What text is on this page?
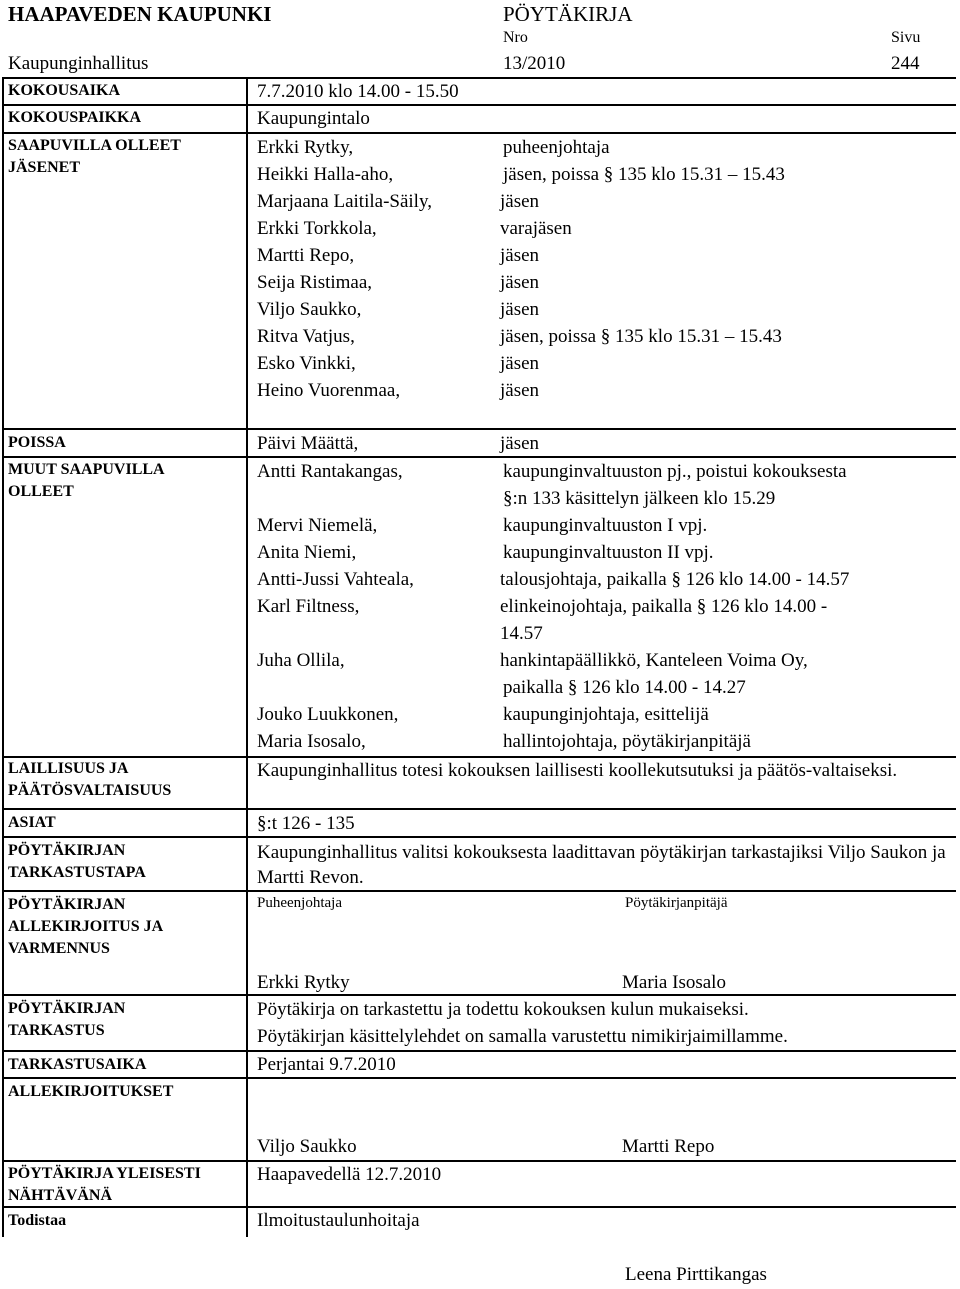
HAAPAVEDEN KAUPUNKI	PÖYTÄKIRJA
Nro	Sivu
Kaupunginhallitus	13/2010	244
KOKOUSAIKA	7.7.2010 klo 14.00 - 15.50
KOKOUSPAIKKA	Kaupungintalo
SAAPUVILLA OLLEET
JÄSENET
Erkki Rytky,	puheenjohtaja
Heikki Halla-aho,	jäsen, poissa § 135 klo 15.31 – 15.43
Marjaana Laitila-Säily,	jäsen
Erkki Torkkola,	varajäsen
Martti Repo,	jäsen
Seija Ristimaa,	jäsen
Viljo Saukko,	jäsen
Ritva Vatjus,	jäsen, poissa § 135 klo 15.31 – 15.43
Esko Vinkki,	jäsen
Heino Vuorenmaa,	jäsen
POISSA	Päivi Määttä,	jäsen
MUUT SAAPUVILLA
OLLEET
Antti Rantakangas,	kaupunginvaltuuston pj., poistui kokouksesta
§:n 133 käsittelyn jälkeen klo 15.29
Mervi Niemelä,	kaupunginvaltuuston I vpj.
Anita Niemi,	kaupunginvaltuuston II vpj.
Antti-Jussi Vahteala,	talousjohtaja, paikalla § 126 klo 14.00 - 14.57
Karl Filtness,	elinkeinojohtaja, paikalla § 126 klo 14.00 -
14.57
Juha Ollila,	hankintapäällikkö, Kanteleen Voima Oy,
paikalla § 126 klo 14.00 - 14.27
Jouko Luukkonen,	kaupunginjohtaja, esittelijä
Maria Isosalo,	hallintojohtaja, pöytäkirjanpitäjä
LAILLISUUS JA
PÄÄTÖSVALTAISUUS
Kaupunginhallitus totesi kokouksen laillisesti koollekutsutuksi ja päätös-valtaiseksi.
ASIAT	§:t 126 - 135
PÖYTÄKIRJAN
TARKASTUSTAPA
Kaupunginhallitus valitsi kokouksesta laadittavan pöytäkirjan tarkastajiksi Viljo Saukon ja Martti Revon.
PÖYTÄKIRJAN
ALLEKIRJOITUS JA
VARMENNUS
Puheenjohtaja	Pöytäkirjanpitäjä
Erkki Rytky	Maria Isosalo
PÖYTÄKIRJAN
TARKASTUS
Pöytäkirja on tarkastettu ja todettu kokouksen kulun mukaiseksi.
Pöytäkirjan käsittelylehdet on samalla varustettu nimikirjaimillamme.
TARKASTUSAIKA	Perjantai 9.7.2010
ALLEKIRJOITUKSET
Viljo Saukko	Martti Repo
PÖYTÄKIRJA YLEISESTI
NÄHTÄVÄNÄ
Haapavedellä 12.7.2010
Todistaa	Ilmoitustaulunhoitaja
Leena Pirttikangas
